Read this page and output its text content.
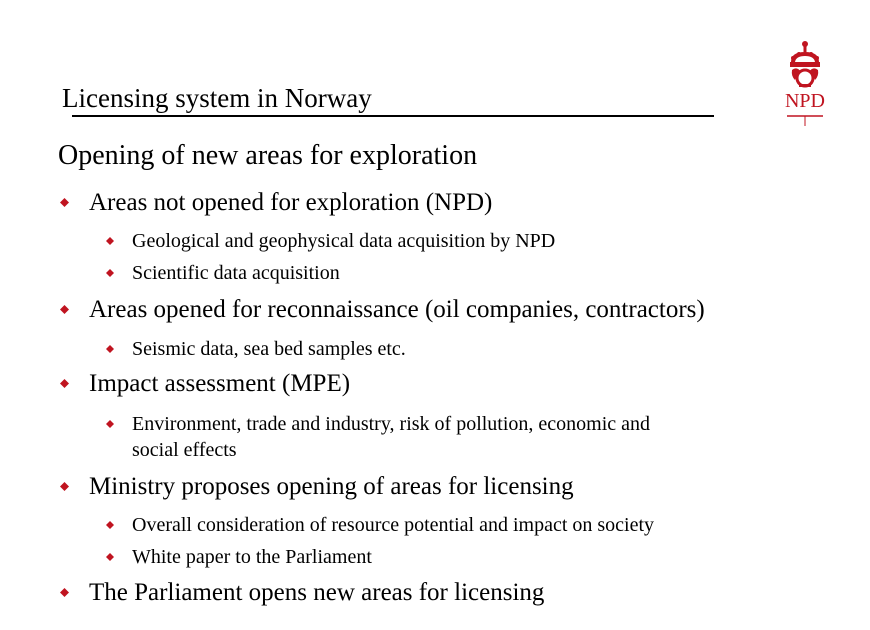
Licensing system in Norway	NPD
Opening of new areas for exploration
Areas not opened for exploration (NPD)
Geological and geophysical data acquisition by NPD
Scientific data acquisition
Areas opened for reconnaissance (oil companies, contractors)
Seismic data, sea bed samples etc.
Impact assessment (MPE)
Environment, trade and industry, risk of pollution, economic and
social effects
Ministry proposes opening of areas for licensing
Overall consideration of resource potential and impact on society
White paper to the Parliament
The Parliament opens new areas for licensing
